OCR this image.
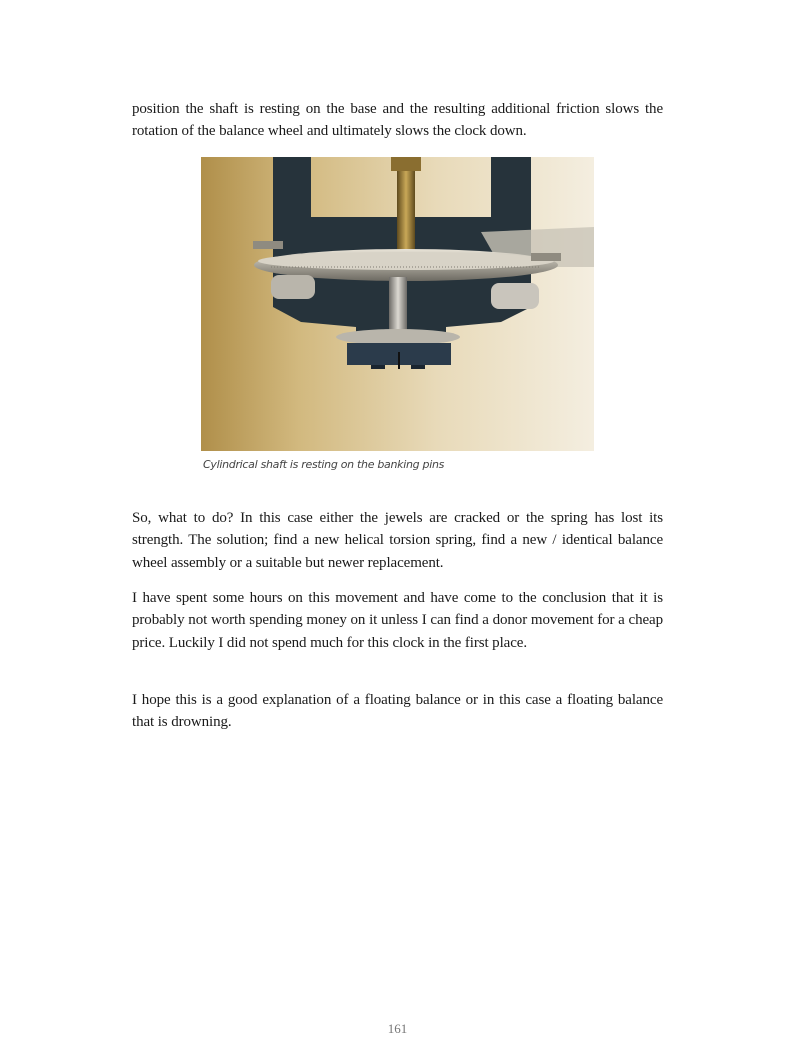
position the shaft is resting on the base and the resulting additional friction slows the rotation of the balance wheel and ultimately slows the clock down.

Cylindrical shaft is resting on the banking pins

So, what to do? In this case either the jewels are cracked or the spring has lost its strength. The solution; find a new helical torsion spring, find a new / identical balance wheel assembly or a suitable but newer replacement.

I have spent some hours on this movement and have come to the conclusion that it is probably not worth spending money on it unless I can find a donor movement for a cheap price. Luckily I did not spend much for this clock in the first place.

I hope this is a good explanation of a floating balance or in this case a floating balance that is drowning.

161
